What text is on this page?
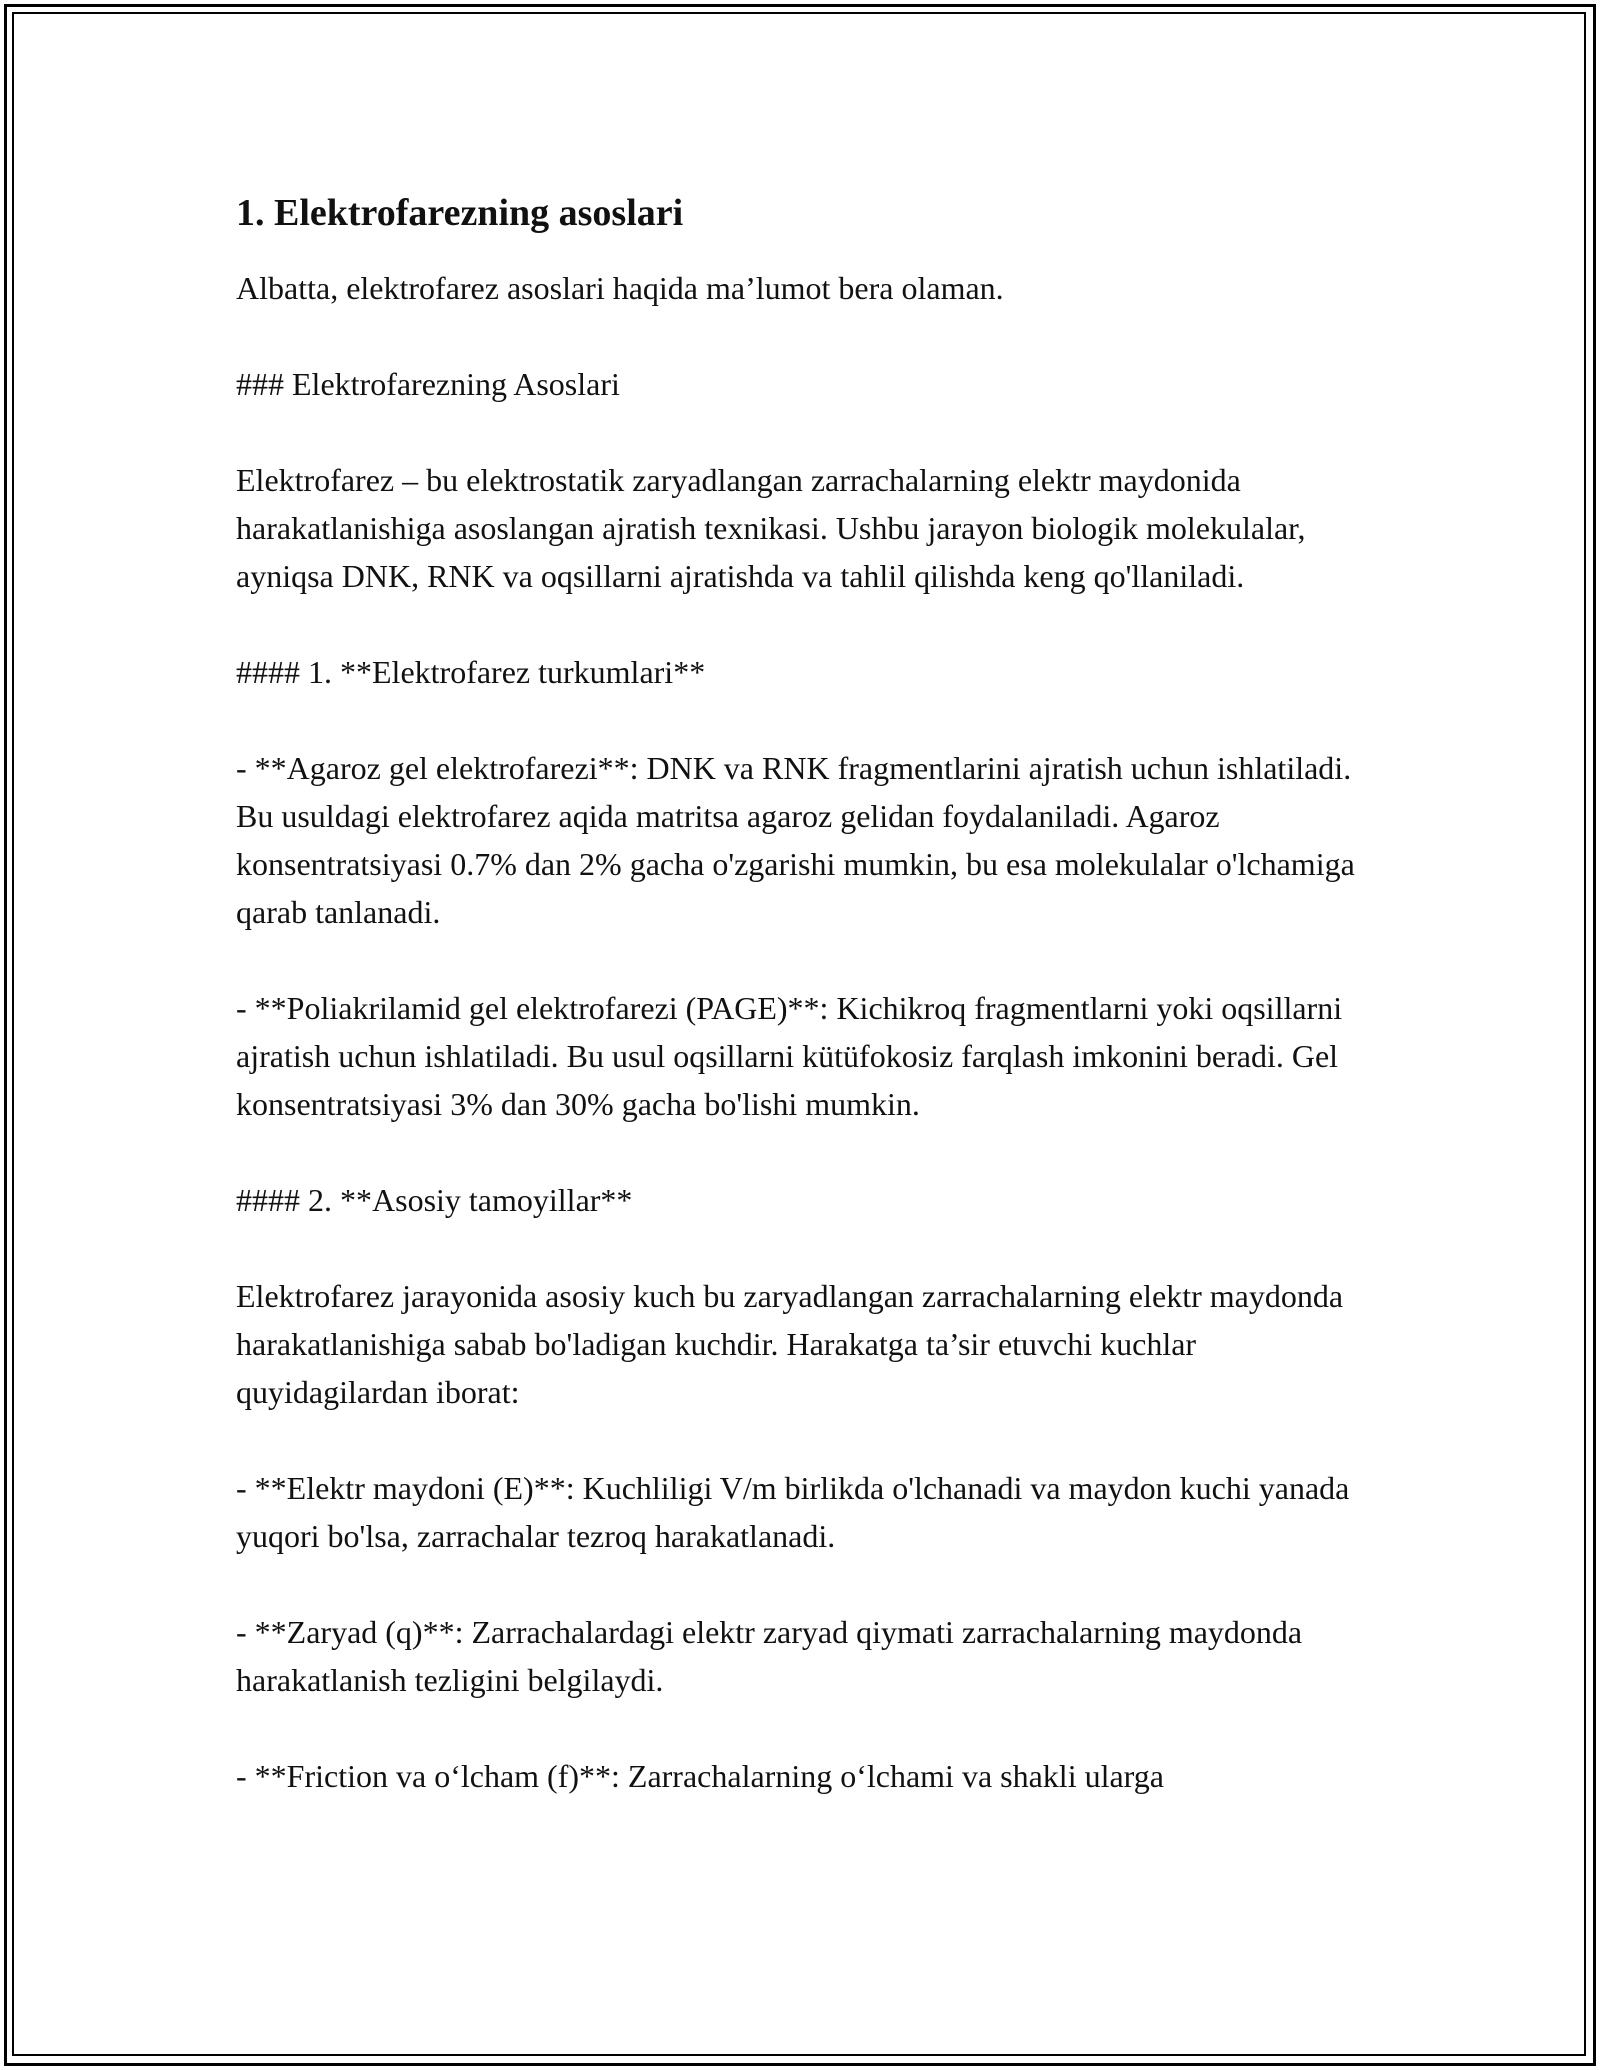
1. Elektrofarezning asoslari

Albatta, elektrofarez asoslari haqida ma’lumot bera olaman.

### Elektrofarezning Asoslari

Elektrofarez – bu elektrostatik zaryadlangan zarrachalarning elektr maydonida harakatlanishiga asoslangan ajratish texnikasi. Ushbu jarayon biologik molekulalar, ayniqsa DNK, RNK va oqsillarni ajratishda va tahlil qilishda keng qo'llaniladi.

#### 1. **Elektrofarez turkumlari**

- **Agaroz gel elektrofarezi**: DNK va RNK fragmentlarini ajratish uchun ishlatiladi. Bu usuldagi elektrofarez aqida matritsa agaroz gelidan foydalaniladi. Agaroz konsentratsiyasi 0.7% dan 2% gacha o'zgarishi mumkin, bu esa molekulalar o'lchamiga qarab tanlanadi.

- **Poliakrilamid gel elektrofarezi (PAGE)**: Kichikroq fragmentlarni yoki oqsillarni ajratish uchun ishlatiladi. Bu usul oqsillarni kütüfokosiz farqlash imkonini beradi. Gel konsentratsiyasi 3% dan 30% gacha bo'lishi mumkin.

#### 2. **Asosiy tamoyillar**

Elektrofarez jarayonida asosiy kuch bu zaryadlangan zarrachalarning elektr maydonda harakatlanishiga sabab bo'ladigan kuchdir. Harakatga ta’sir etuvchi kuchlar quyidagilardan iborat:

- **Elektr maydoni (E)**: Kuchliligi V/m birlikda o'lchanadi va maydon kuchi yanada yuqori bo'lsa, zarrachalar tezroq harakatlanadi.

- **Zaryad (q)**: Zarrachalardagi elektr zaryad qiymati zarrachalarning maydonda harakatlanish tezligini belgilaydi.

- **Friction va oʻlcham (f)**: Zarrachalarning oʻlchami va shakli ularga
